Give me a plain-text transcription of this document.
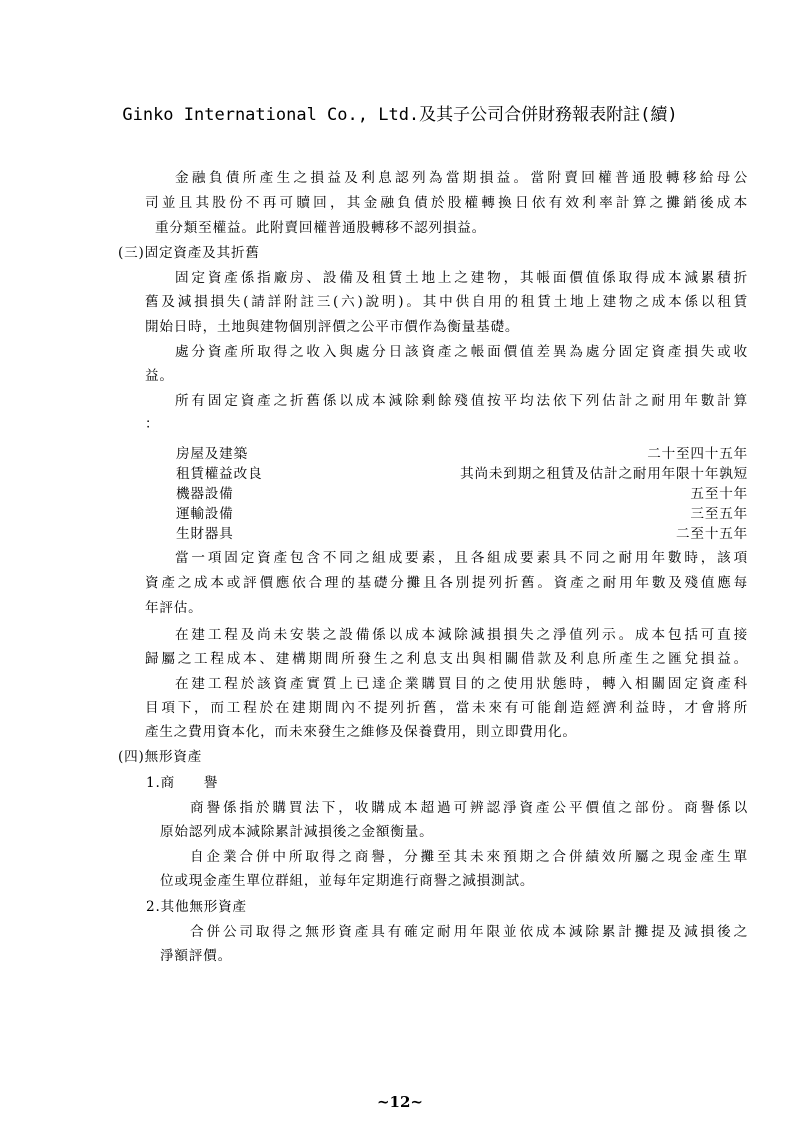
Ginko International Co., Ltd.及其子公司合併財務報表附註(續)
金融負債所產生之損益及利息認列為當期損益。當附賣回權普通股轉移給母公
司並且其股份不再可贖回，其金融負債於股權轉換日依有效利率計算之攤銷後成本
重分類至權益。此附賣回權普通股轉移不認列損益。
(三)固定資產及其折舊
固定資產係指廠房、設備及租賃土地上之建物，其帳面價值係取得成本減累積折
舊及減損損失(請詳附註三(六)說明)。其中供自用的租賃土地上建物之成本係以租賃
開始日時，土地與建物個別評價之公平市價作為衡量基礎。
處分資產所取得之收入與處分日該資產之帳面價值差異為處分固定資產損失或收
益。
所有固定資產之折舊係以成本減除剩餘殘值按平均法依下列估計之耐用年數計算
：
房屋及建築	二十至四十五年
租賃權益改良	其尚未到期之租賃及估計之耐用年限十年孰短
機器設備	五至十年
運輸設備	三至五年
生財器具	二至十五年
當一項固定資產包含不同之組成要素，且各組成要素具不同之耐用年數時，該項
資產之成本或評價應依合理的基礎分攤且各別提列折舊。資產之耐用年數及殘值應每
年評估。
在建工程及尚未安裝之設備係以成本減除減損損失之淨值列示。成本包括可直接
歸屬之工程成本、建構期間所發生之利息支出與相關借款及利息所產生之匯兌損益。
在建工程於該資產實質上已達企業購買目的之使用狀態時，轉入相關固定資產科
目項下，而工程於在建期間內不提列折舊，當未來有可能創造經濟利益時，才會將所
產生之費用資本化，而未來發生之維修及保養費用，則立即費用化。
(四)無形資產
1.商　　譽
商譽係指於購買法下，收購成本超過可辨認淨資產公平價值之部份。商譽係以
原始認列成本減除累計減損後之金額衡量。
自企業合併中所取得之商譽，分攤至其未來預期之合併績效所屬之現金產生單
位或現金產生單位群組，並每年定期進行商譽之減損測試。
2.其他無形資產
合併公司取得之無形資產具有確定耐用年限並依成本減除累計攤提及減損後之
淨額評價。
~12~
